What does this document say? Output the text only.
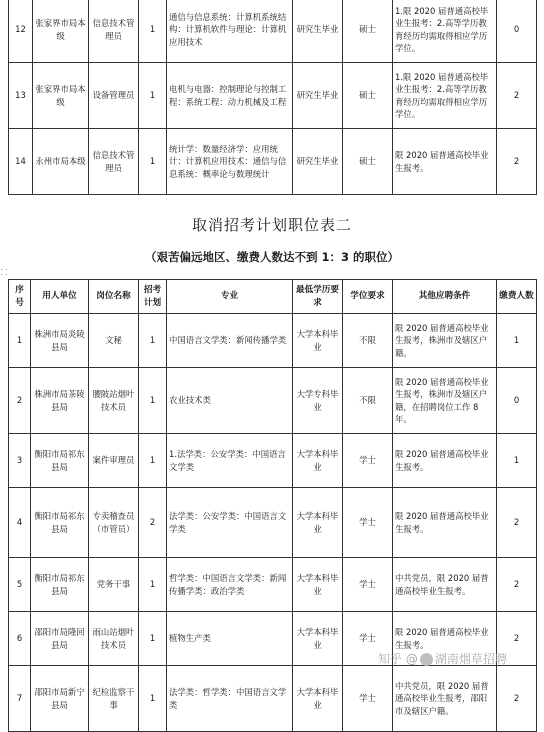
12	张家界市局本级	信息技术管理员	1	通信与信息系统：计算机系统结构：计算机软件与理论：计算机应用技术	研究生毕业	硕士	1.限 2020 届普通高校毕业生报考：2.高等学历教育经历均需取得相应学历学位。	0
13	张家界市局本级	设备管理员	1	电机与电器：控制理论与控制工程：系统工程：动力机械及工程	研究生毕业	硕士	1.限 2020 届普通高校毕业生报考：2.高等学历教育经历均需取得相应学历学位。	2
14	永州市局本级	信息技术管理员	1	统计学：数量经济学：应用统计：计算机应用技术：通信与信息系统：概率论与数理统计	研究生毕业	硕士	限 2020 届普通高校毕业生报考。	2
取消招考计划职位表二
（艰苦偏远地区、缴费人数达不到 1：3 的职位）
⸬
序号	用人单位	岗位名称	招考计划	专业	最低学历要求	学位要求	其他应聘条件	缴费人数
1	株洲市局炎陵县局	文秘	1	中国语言文学类：新闻传播学类	大学本科毕业	不限	限 2020 届普通高校毕业生报考，株洲市及辖区户籍。	1
2	株洲市局茶陵县局	腰陂站烟叶技术员	1	农业技术类	大学专科毕业	不限	限 2020 届普通高校毕业生报考，株洲市及辖区户籍，在招聘岗位工作 8 年。	0
3	衡阳市局祁东县局	案件审理员	1	1.法学类：公安学类：中国语言文学类	大学本科毕业	学士	限 2020 届普通高校毕业生报考。	1
4	衡阳市局祁东县局	专卖稽查员（市管员）	2	法学类：公安学类：中国语言文学类	大学本科毕业	学士	限 2020 届普通高校毕业生报考。	2
5	衡阳市局祁东县局	党务干事	1	哲学类：中国语言文学类：新闻传播学类：政治学类	大学本科毕业	学士	中共党员，限 2020 届普通高校毕业生报考。	2
6	邵阳市局隆回县局	雨山站烟叶技术员	1	植物生产类	大学本科毕业	学士	限 2020 届普通高校毕业生报考。	2
7	邵阳市局新宁县局	纪检监察干事	1	法学类：哲学类：中国语言文学类	大学本科毕业	学士	中共党员，限 2020 届普通高校毕业生报考，邵阳市及辖区户籍。	2
知乎 @ 湖南烟草招聘
